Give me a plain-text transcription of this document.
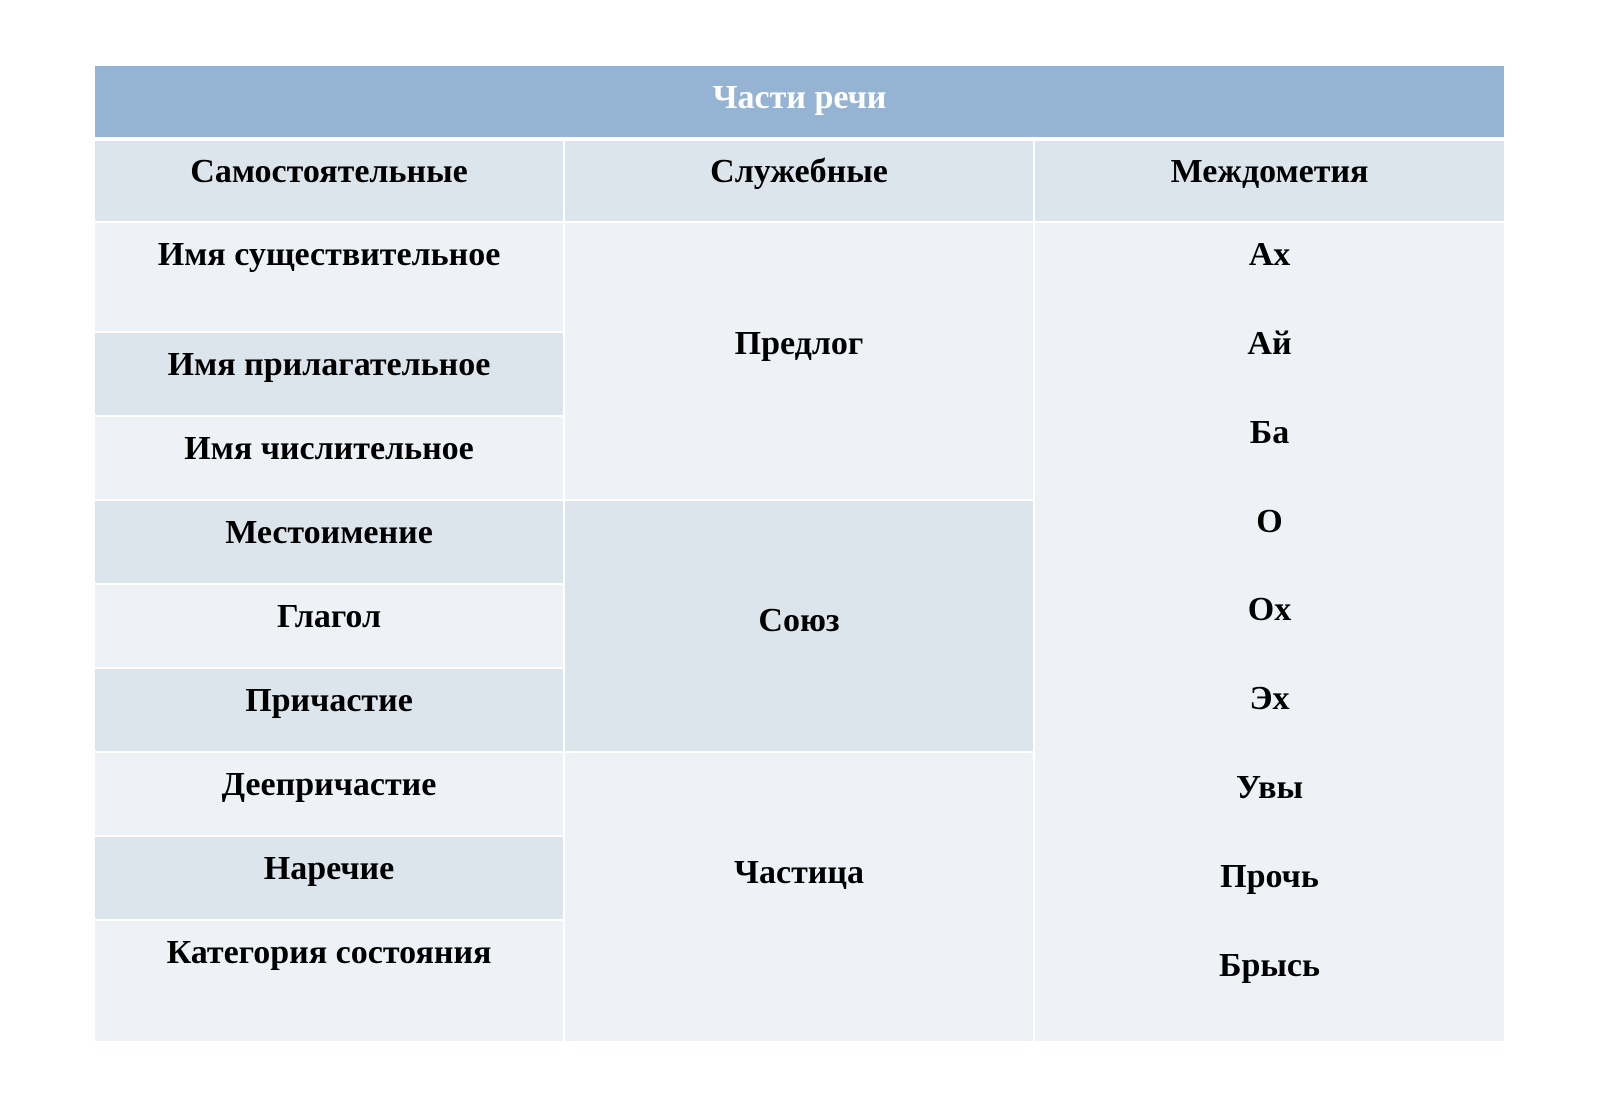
Части речи
Самостоятельные
Имя существительное
Имя прилагательное
Имя числительное
Местоимение
Глагол
Причастие
Деепричастие
Наречие
Категория состояния
Служебные
Предлог
Союз
Частица
Междометия
Ах
Ай
Ба
О
Ох
Эх
Увы
Прочь
Брысь
